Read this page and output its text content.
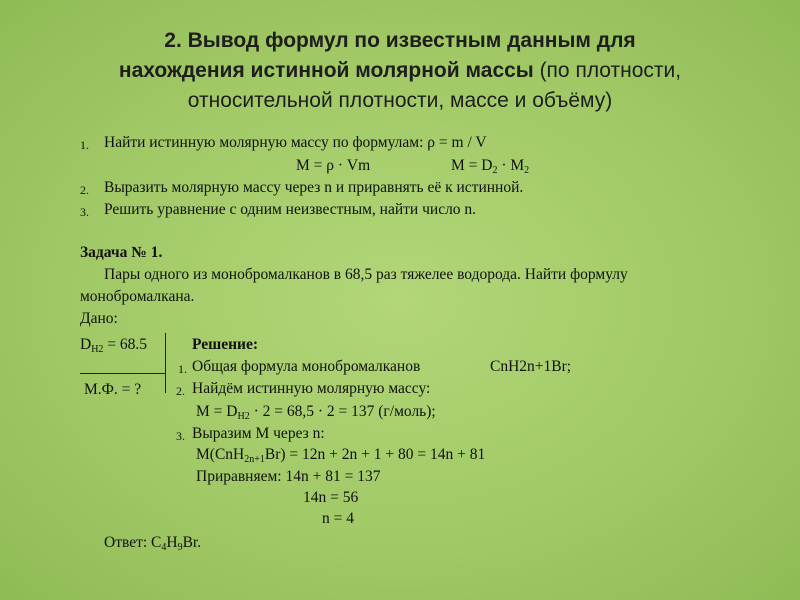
2. Вывод формул по известным данным для
нахождения истинной молярной массы (по плотности,
относительной плотности, массе и объёму)
1. Найти истинную молярную массу по формулам: ρ = m / V
M = ρ · Vm	$M = D_2 \cdot M_2$
2. Выразить молярную массу через n и приравнять её к истинной.
3. Решить уравнение с одним неизвестным, найти число n.
Задача № 1.
Пары одного из монобромалканов в 68,5 раз тяжелее водорода. Найти формулу
монобромалкана.
Дано:
$D_{H2} = 68.5$
М.Ф. = ?
Решение:
1. Общая формула монобромалканов	CnH2n+1Br;
2. Найдём истинную молярную массу:
$M = D_{H2} \cdot 2 = 68,5 \cdot 2 = 137$ (г/моль);
3. Выразим М через n:
M(CnH$_{2n+1}$Br) = 12n + 2n + 1 + 80 = 14n + 81
Приравняем: 14n + 81 = 137
14n = 56
n = 4
Ответ: $C_4H_9Br$.
